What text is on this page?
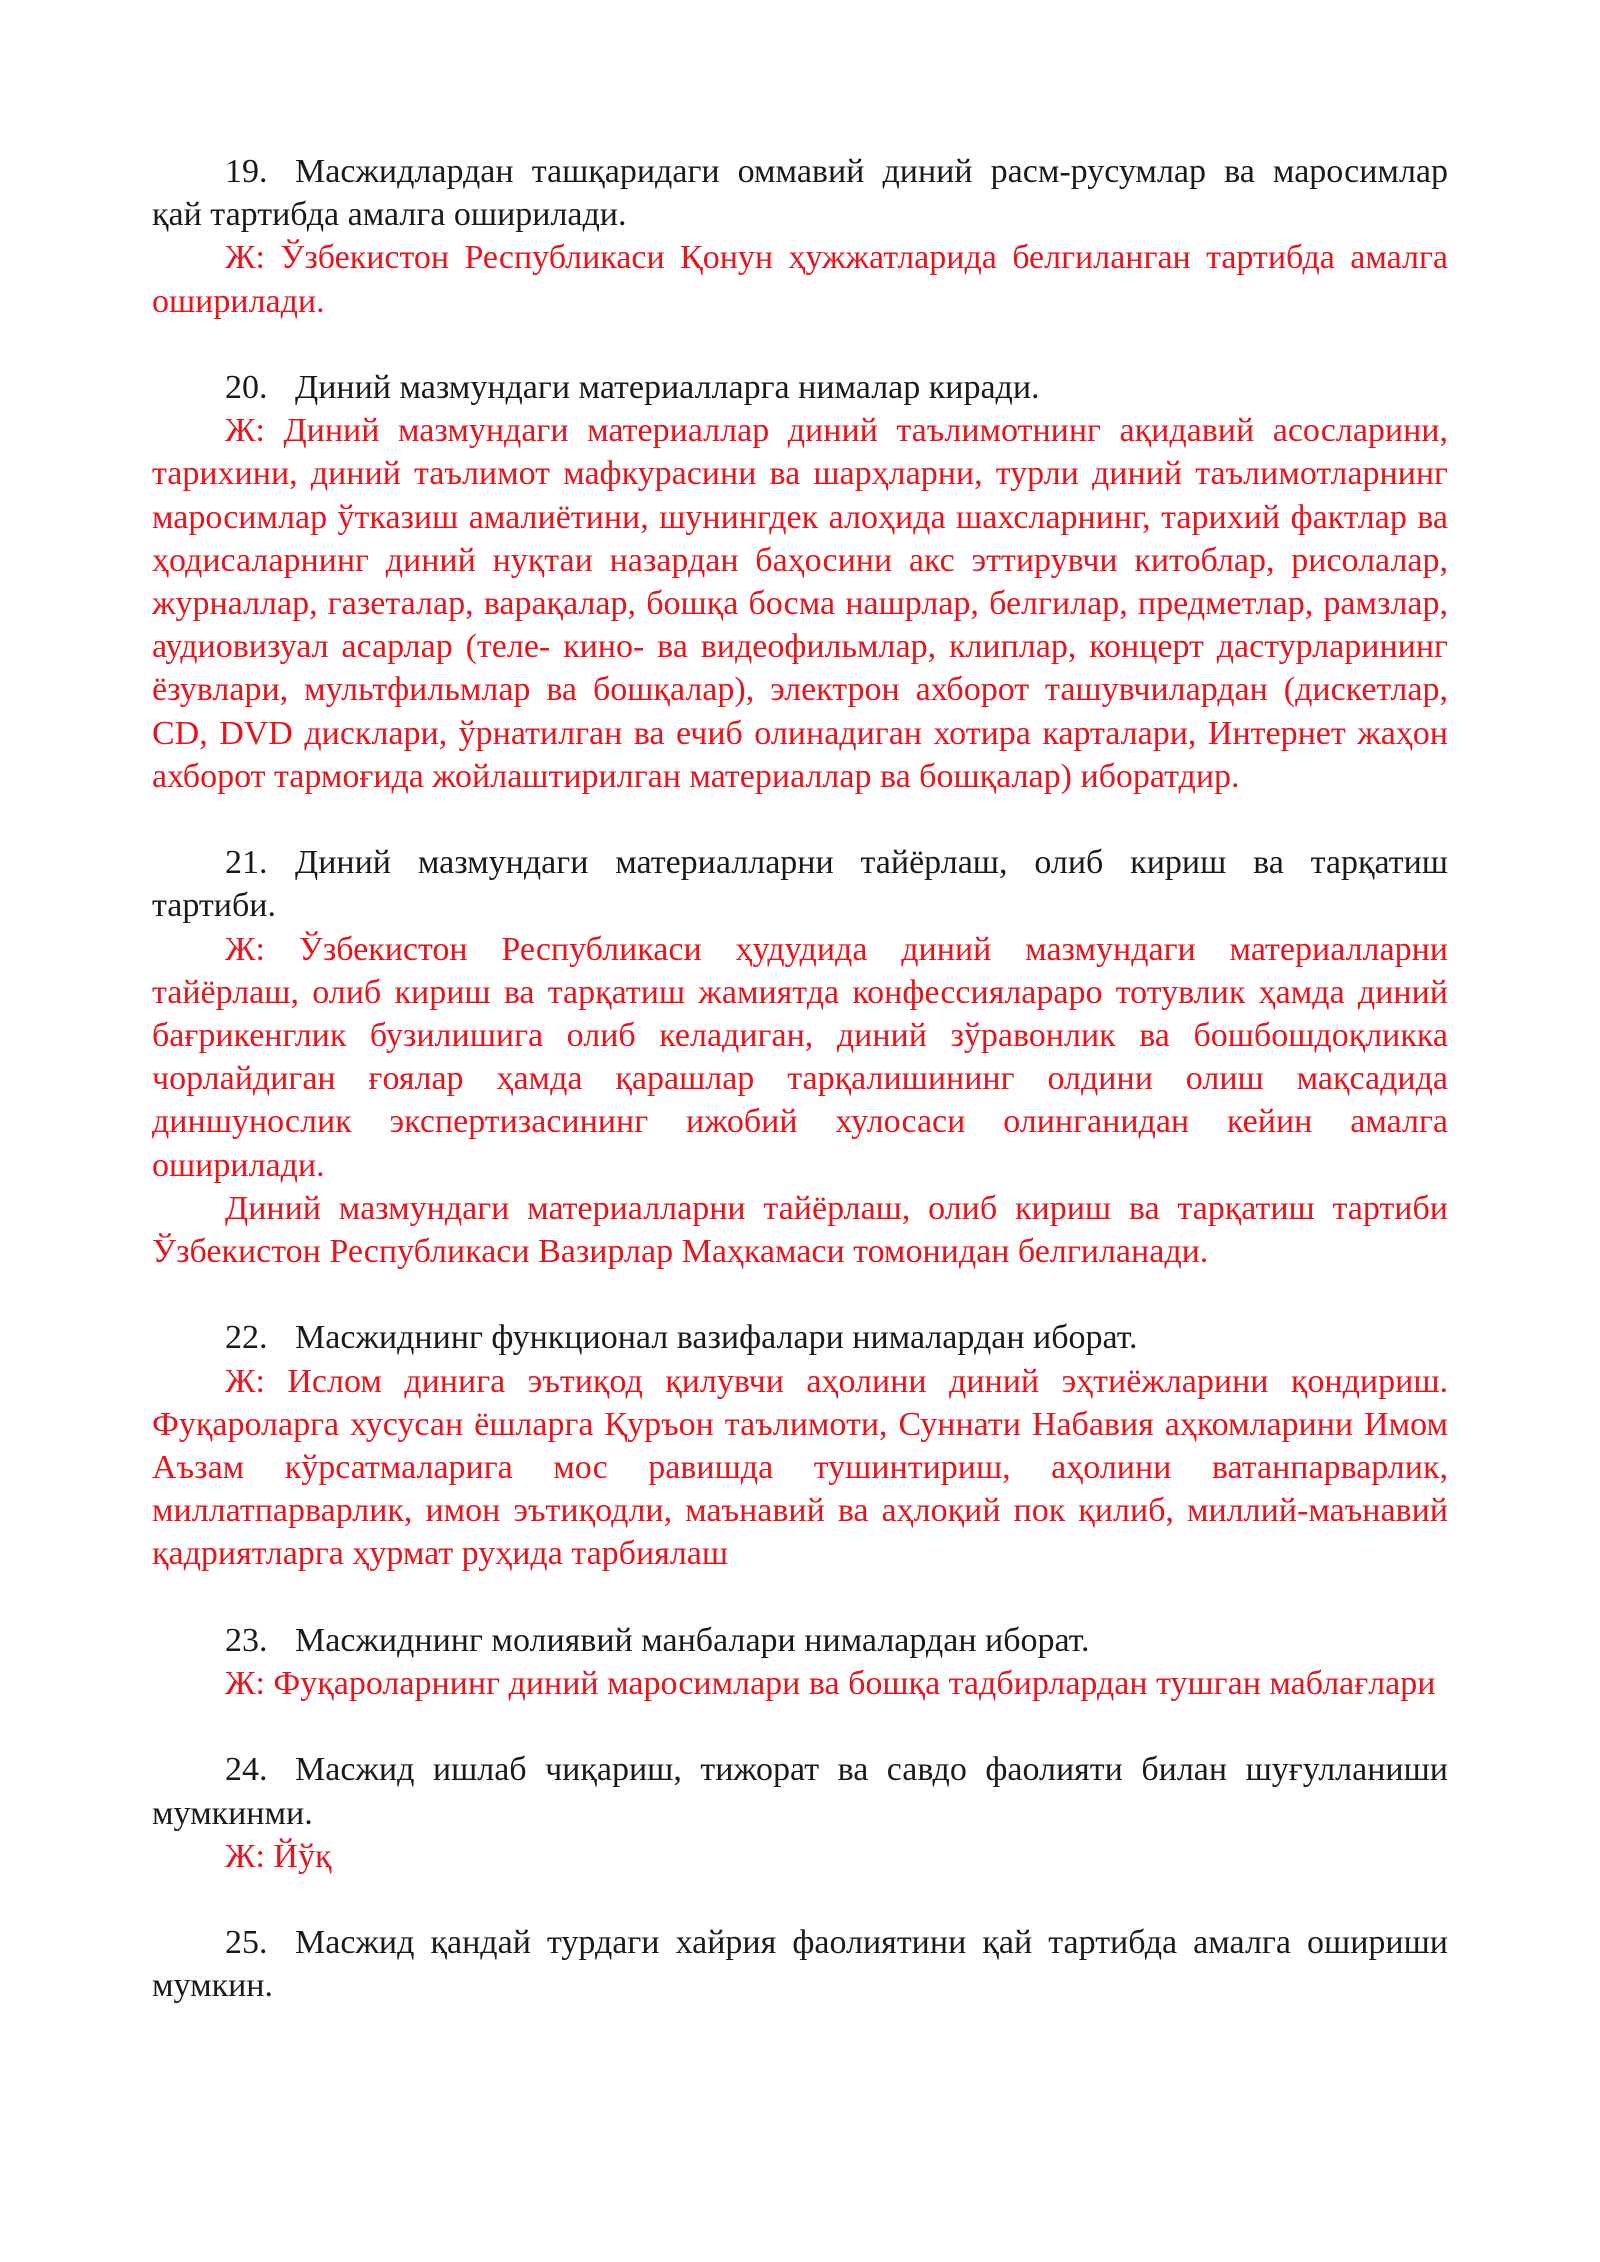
19. Масжидлардан ташқаридаги оммавий диний расм-русумлар ва маросимлар қай тартибда амалга оширилади.

Ж: Ўзбекистон Республикаси Қонун ҳужжатларида белгиланган тартибда амалга оширилади.

20. Диний мазмундаги материалларга нималар киради.

Ж: Диний мазмундаги материаллар диний таълимотнинг ақидавий асосларини, тарихини, диний таълимот мафкурасини ва шарҳларни, турли диний таълимотларнинг маросимлар ўтказиш амалиётини, шунингдек алоҳида шахсларнинг, тарихий фактлар ва ҳодисаларнинг диний нуқтаи назардан баҳосини акс эттирувчи китоблар, рисолалар, журналлар, газеталар, варақалар, бошқа босма нашрлар, белгилар, предметлар, рамзлар, аудиовизуал асарлар (теле- кино- ва видеофильмлар, клиплар, концерт дастурларининг ёзувлари, мультфильмлар ва бошқалар), электрон ахборот ташувчилардан (дискетлар, CD, DVD дисклари, ўрнатилган ва ечиб олинадиган хотира карталари, Интернет жаҳон ахборот тармоғида жойлаштирилган материаллар ва бошқалар) иборатдир.

21. Диний мазмундаги материалларни тайёрлаш, олиб кириш ва тарқатиш тартиби.

Ж: Ўзбекистон Республикаси ҳудудида диний мазмундаги материалларни тайёрлаш, олиб кириш ва тарқатиш жамиятда конфессиялараро тотувлик ҳамда диний бағрикенглик бузилишига олиб келадиган, диний зўравонлик ва бошбошдоқликка чорлайдиган ғоялар ҳамда қарашлар тарқалишининг олдини олиш мақсадида диншунослик экспертизасининг ижобий хулосаси олинганидан кейин амалга оширилади.

Диний мазмундаги материалларни тайёрлаш, олиб кириш ва тарқатиш тартиби Ўзбекистон Республикаси Вазирлар Маҳкамаси томонидан белгиланади.

22. Масжиднинг функционал вазифалари нималардан иборат.

Ж: Ислом динига эътиқод қилувчи аҳолини диний эҳтиёжларини қондириш. Фуқароларга хусусан ёшларга Қуръон таълимоти, Суннати Набавия аҳкомларини Имом Аъзам кўрсатмаларига мос равишда тушинтириш, аҳолини ватанпарварлик, миллатпарварлик, имон эътиқодли, маънавий ва аҳлоқий пок қилиб, миллий-маънавий қадриятларга ҳурмат руҳида тарбиялаш

23. Масжиднинг молиявий манбалари нималардан иборат.

Ж: Фуқароларнинг диний маросимлари ва бошқа тадбирлардан тушган маблағлари

24. Масжид ишлаб чиқариш, тижорат ва савдо фаолияти билан шуғулланиши мумкинми.

Ж: Йўқ

25. Масжид қандай турдаги хайрия фаолиятини қай тартибда амалга ошириши мумкин.
